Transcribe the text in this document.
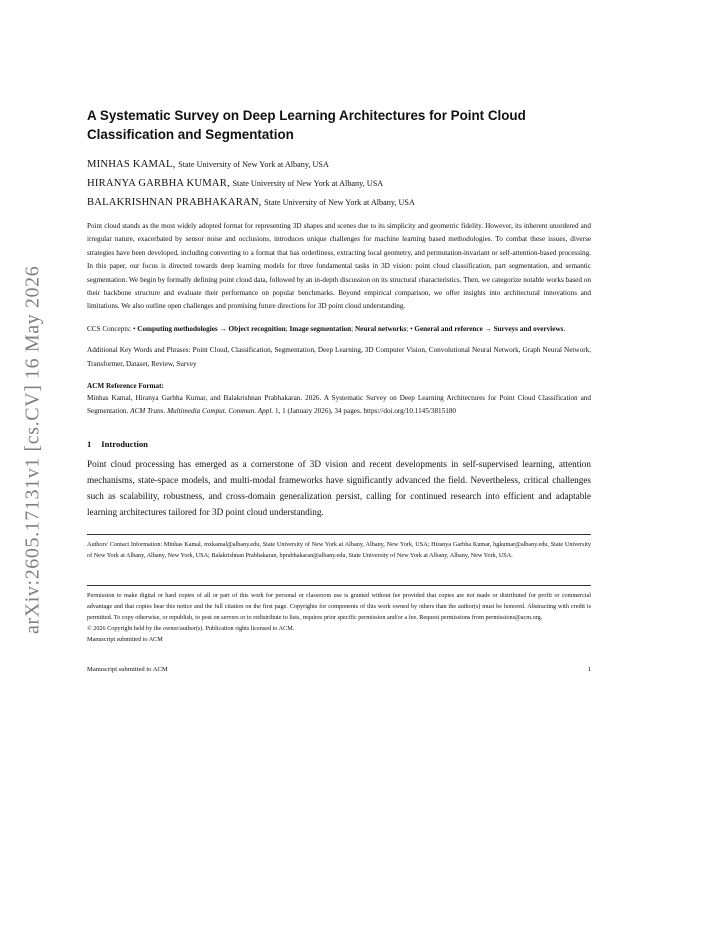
arXiv:2605.17131v1 [cs.CV] 16 May 2026
A Systematic Survey on Deep Learning Architectures for Point Cloud Classification and Segmentation
MINHAS KAMAL, State University of New York at Albany, USA
HIRANYA GARBHA KUMAR, State University of New York at Albany, USA
BALAKRISHNAN PRABHAKARAN, State University of New York at Albany, USA

Point cloud stands as the most widely adopted format for representing 3D shapes and scenes due to its simplicity and geometric fidelity. However, its inherent unordered and irregular nature, exacerbated by sensor noise and occlusions, introduces unique challenges for machine learning based methodologies. To combat these issues, diverse strategies have been developed, including converting to a format that has orderliness, extracting local geometry, and permutation-invariant or self-attention-based processing. In this paper, our focus is directed towards deep learning models for three fundamental tasks in 3D vision: point cloud classification, part segmentation, and semantic segmentation. We begin by formally defining point cloud data, followed by an in-depth discussion on its structural characteristics. Then, we categorize notable works based on their backbone structure and evaluate their performance on popular benchmarks. Beyond empirical comparison, we offer insights into architectural innovations and limitations. We also outline open challenges and promising future directions for 3D point cloud understanding.

CCS Concepts: • Computing methodologies → Object recognition; Image segmentation; Neural networks; • General and reference → Surveys and overviews.

Additional Key Words and Phrases: Point Cloud, Classification, Segmentation, Deep Learning, 3D Computer Vision, Convolutional Neural Network, Graph Neural Network, Transformer, Dataset, Review, Survey

ACM Reference Format:

Minhas Kamal, Hiranya Garbha Kumar, and Balakrishnan Prabhakaran. 2026. A Systematic Survey on Deep Learning Architectures for Point Cloud Classification and Segmentation. ACM Trans. Multimedia Comput. Commun. Appl. 1, 1 (January 2026), 34 pages. https://doi.org/10.1145/3815180

1 Introduction

Point cloud processing has emerged as a cornerstone of 3D vision and recent developments in self-supervised learning, attention mechanisms, state-space models, and multi-modal frameworks have significantly advanced the field. Nevertheless, critical challenges such as scalability, robustness, and cross-domain generalization persist, calling for continued research into efficient and adaptable learning architectures tailored for 3D point cloud understanding.

Authors' Contact Information: Minhas Kamal, mxkamal@albany.edu, State University of New York at Albany, Albany, New York, USA; Hiranya Garbha Kumar, hgkumar@albany.edu, State University of New York at Albany, Albany, New York, USA; Balakrishnan Prabhakaran, bprabhakaran@albany.edu, State University of New York at Albany, Albany, New York, USA.

Permission to make digital or hard copies of all or part of this work for personal or classroom use is granted without fee provided that copies are not made or distributed for profit or commercial advantage and that copies bear this notice and the full citation on the first page. Copyrights for components of this work owned by others than the author(s) must be honored. Abstracting with credit is permitted. To copy otherwise, or republish, to post on servers or to redistribute to lists, requires prior specific permission and/or a fee. Request permissions from permissions@acm.org.

© 2026 Copyright held by the owner/author(s). Publication rights licensed to ACM.

Manuscript submitted to ACM

Manuscript submitted to ACM	1
